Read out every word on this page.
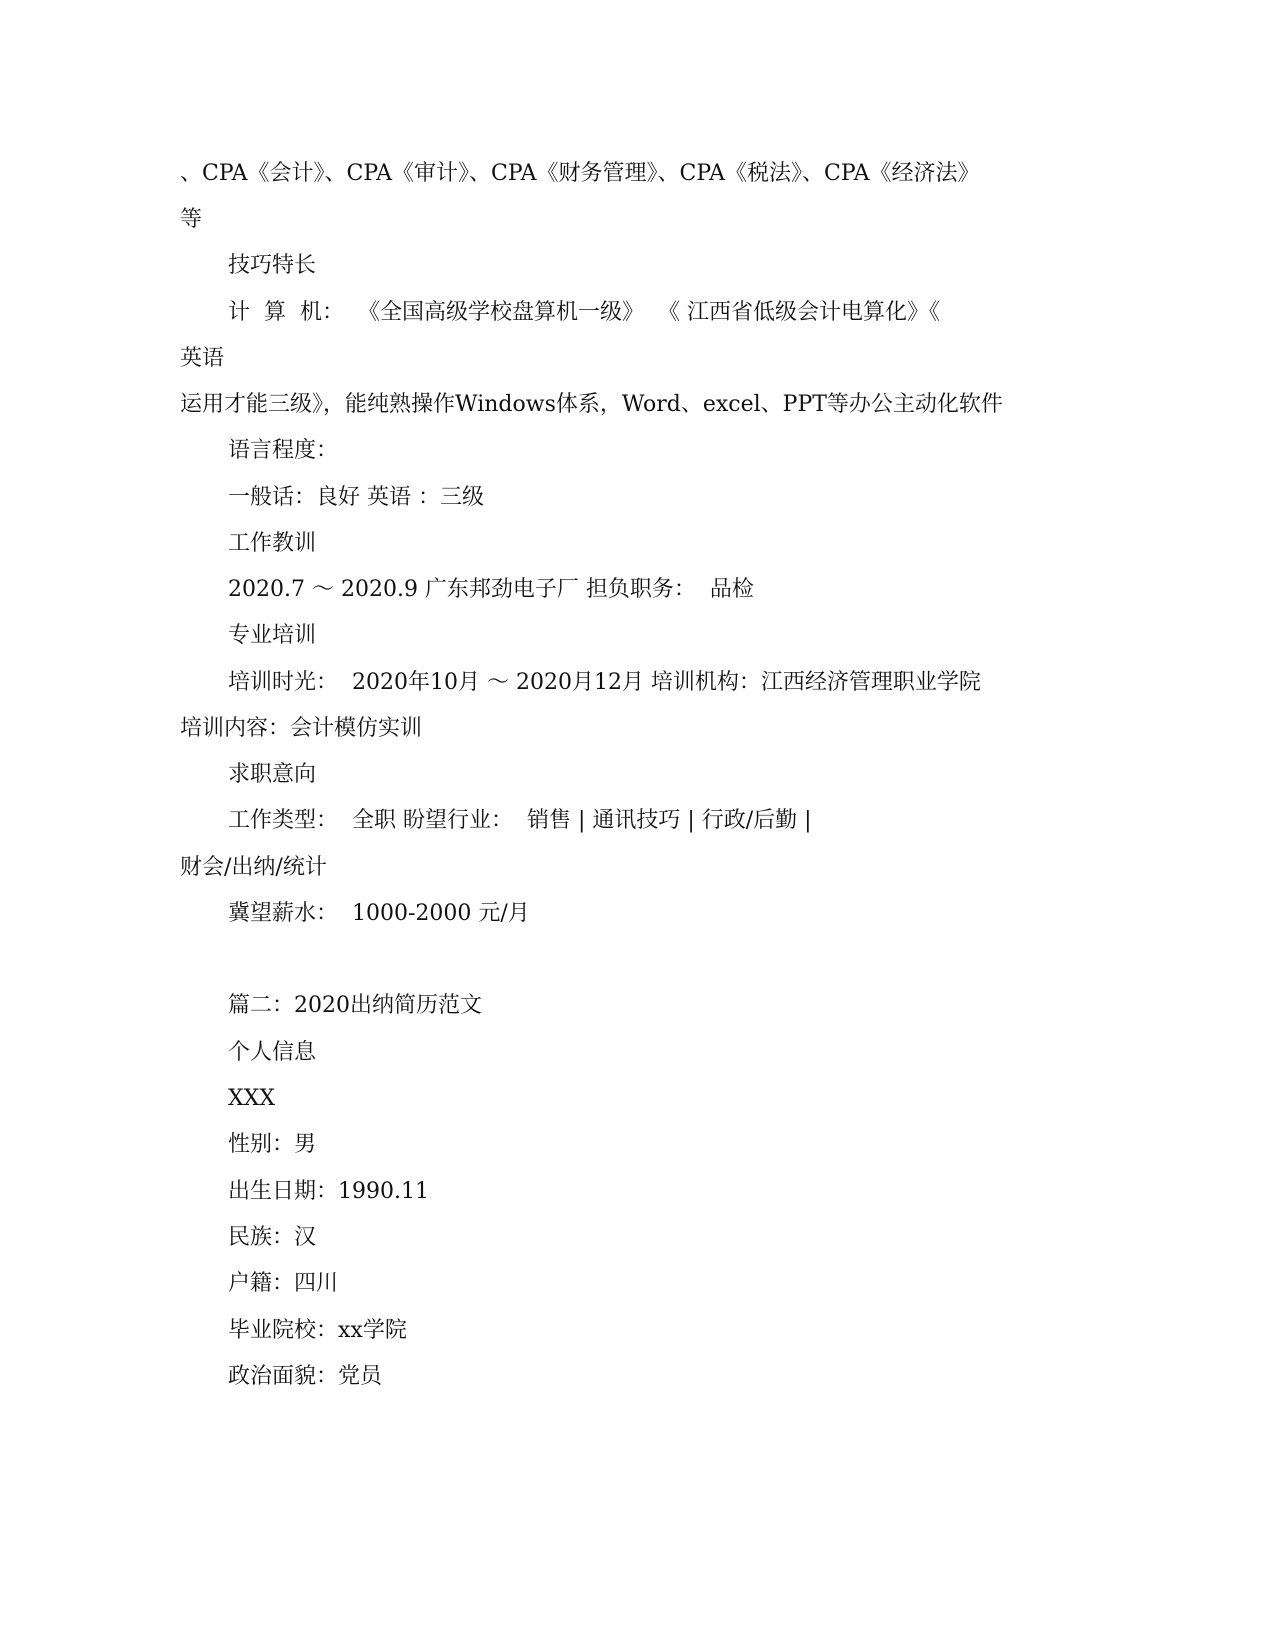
、CPA《会计》、CPA《审计》、CPA《财务管理》、CPA《税法》、CPA《经济法》
等
技巧特长
计  算  机：  《全国高级学校盘算机一级》  《 江西省低级会计电算化》《
英语
运用才能三级》，能纯熟操作Windows体系，Word、excel、PPT等办公主动化软件
语言程度：
一般话：良好 英语 ：三级
工作教训
2020.7 ～ 2020.9 广东邦劲电子厂 担负职务：  品检
专业培训
培训时光：  2020年10月 ～ 2020月12月 培训机构：江西经济管理职业学院
培训内容：会计模仿实训
求职意向
工作类型：  全职 盼望行业：  销售 | 通讯技巧 | 行政/后勤 |
财会/出纳/统计
冀望薪水：  1000-2000 元/月
篇二：2020出纳简历范文
个人信息
XXX
性别：男
出生日期：1990.11
民族：汉
户籍：四川
毕业院校：xx学院
政治面貌：党员
